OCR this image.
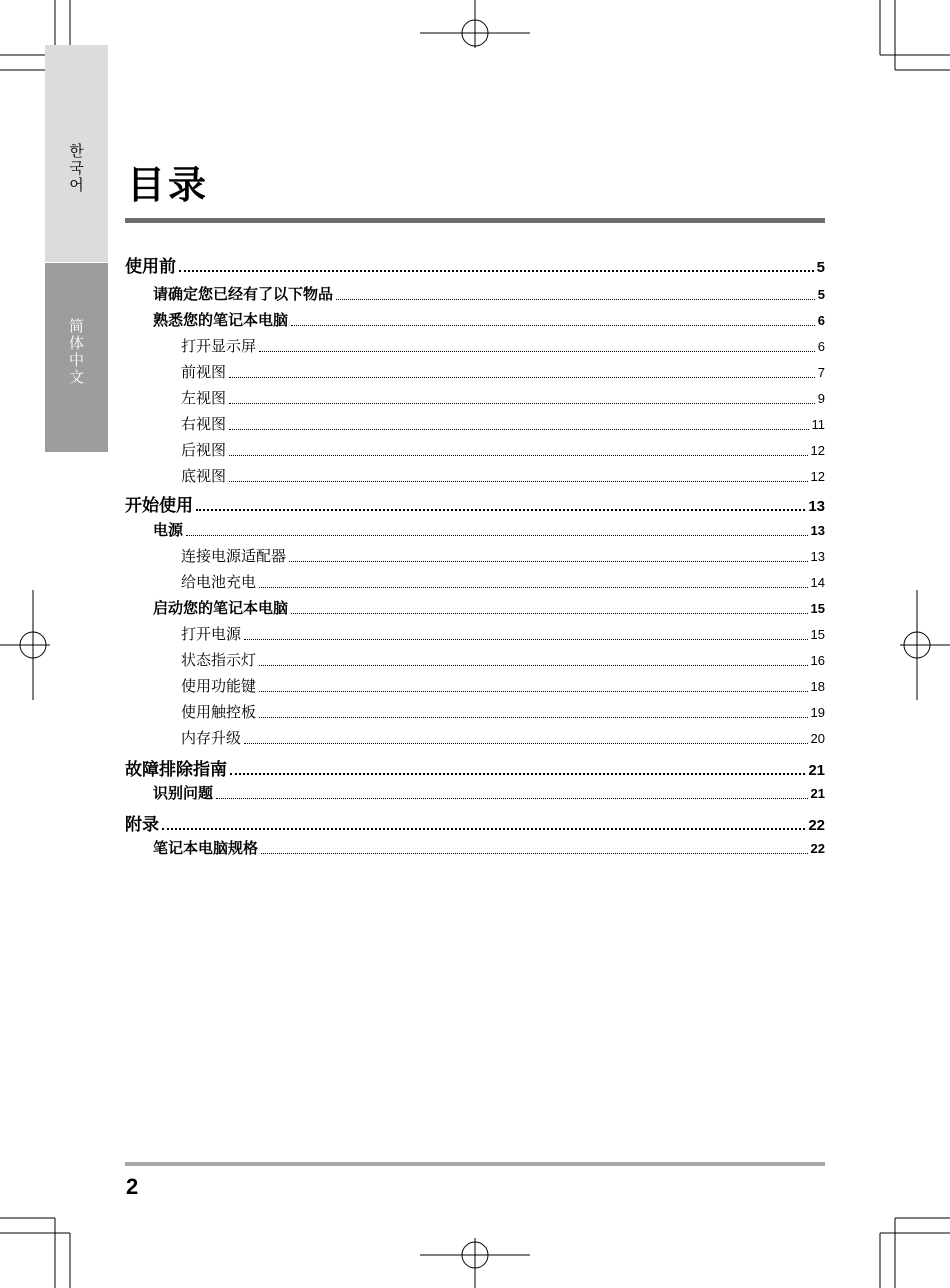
한국어
简体中文
目录
使用前	5
请确定您已经有了以下物品	5
熟悉您的笔记本电脑	6
打开显示屏	6
前视图	7
左视图	9
右视图	11
后视图	12
底视图	12
开始使用	13
电源	13
连接电源适配器	13
给电池充电	14
启动您的笔记本电脑	15
打开电源	15
状态指示灯	16
使用功能键	18
使用触控板	19
内存升级	20
故障排除指南	21
识别问题	21
附录	22
笔记本电脑规格	22
2
